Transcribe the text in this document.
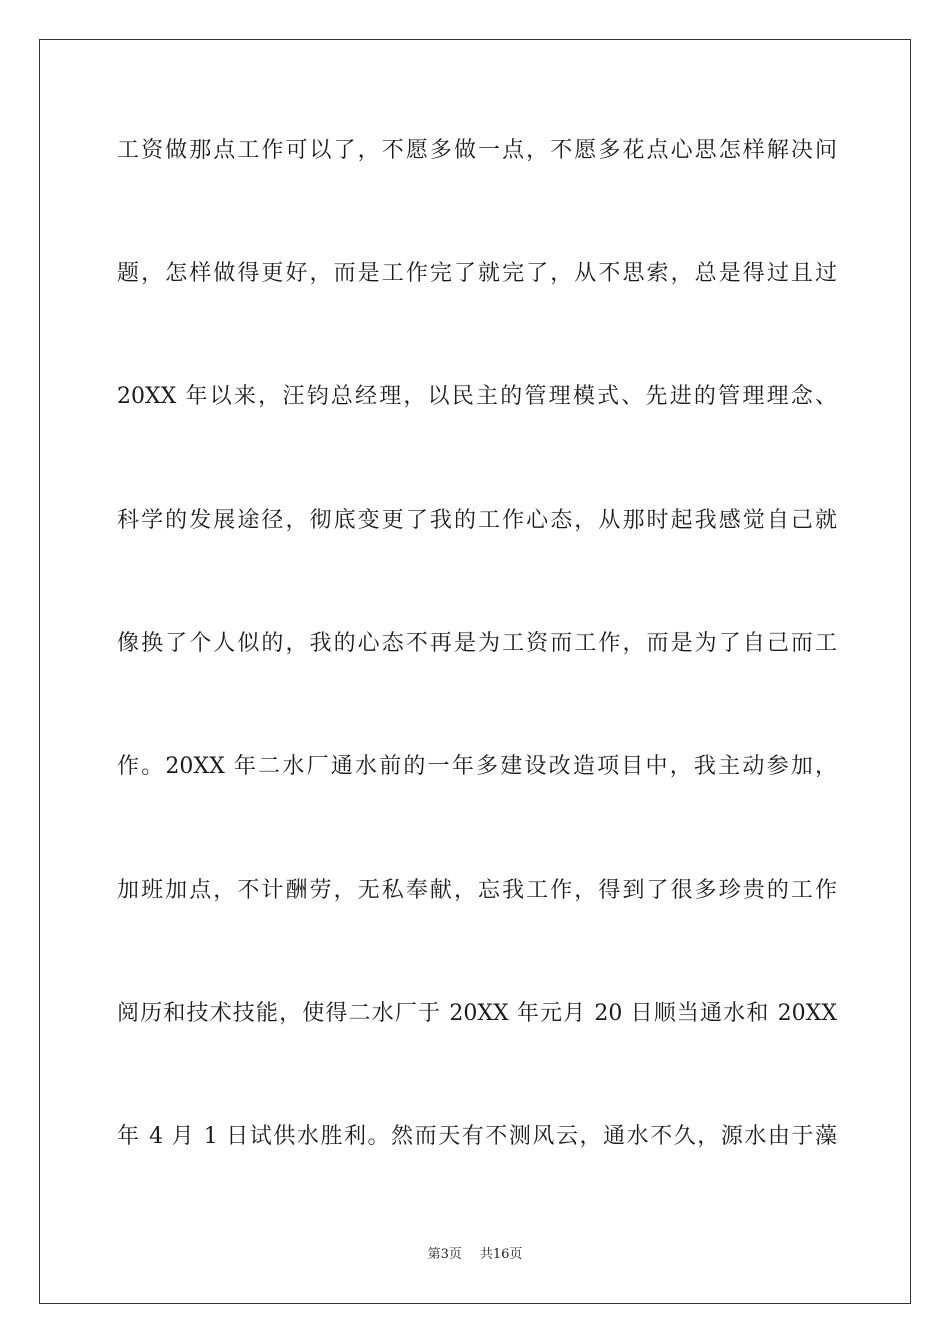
工资做那点工作可以了，不愿多做一点，不愿多花点心思怎样解决问
题，怎样做得更好，而是工作完了就完了，从不思索，总是得过且过
20XX 年以来，汪钧总经理，以民主的管理模式、先进的管理理念、
科学的发展途径，彻底变更了我的工作心态，从那时起我感觉自己就
像换了个人似的，我的心态不再是为工资而工作，而是为了自己而工
作。20XX 年二水厂通水前的一年多建设改造项目中，我主动参加，
加班加点，不计酬劳，无私奉献，忘我工作，得到了很多珍贵的工作
阅历和技术技能，使得二水厂于 20XX 年元月 20 日顺当通水和 20XX
年 4 月 1 日试供水胜利。然而天有不测风云，通水不久，源水由于藻
第3页 共16页
